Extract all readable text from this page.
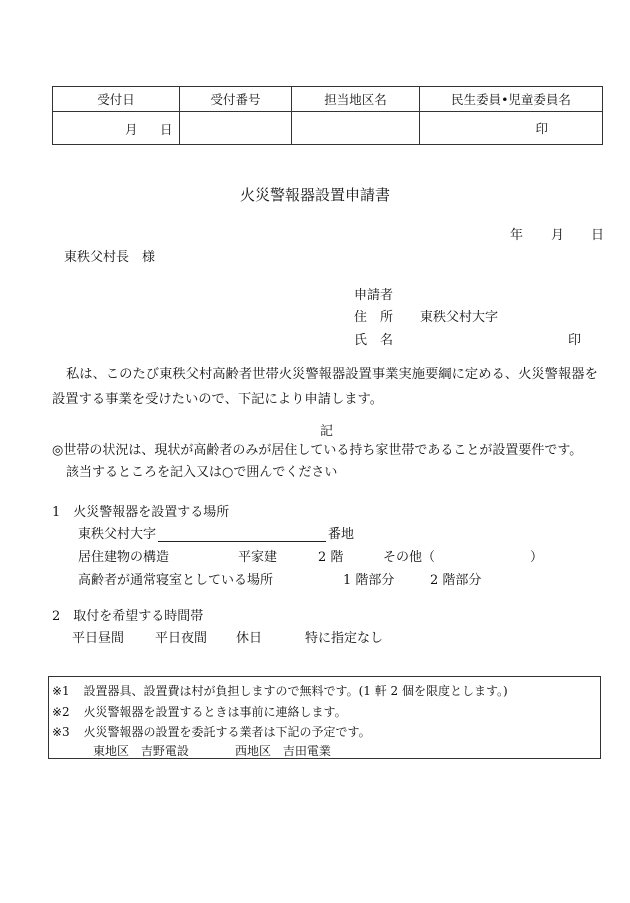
受付日	受付番号	担当地区名	民生委員•児童委員名

月 日			印
火災警報器設置申請書
年 月 日
東秩父村長　様
申請者
住　所 東秩父村大字
氏　名	印
私は、このたび東秩父村高齢者世帯火災警報器設置事業実施要綱に定める、火災警報器を設置する事業を受けたいので、下記により申請します。
記
◎世帯の状況は、現状が高齢者のみが居住している持ち家世帯であることが設置要件です。
該当するところを記入又は○で囲んでください
1　火災警報器を設置する場所
東秩父村大字	番地
居住建物の構造	平家建	2 階	その他（	）
高齢者が通常寝室としている場所	1 階部分	2 階部分
2　取付を希望する時間帯
平日昼間 平日夜間 休日	特に指定なし
※1 設置器具、設置費は村が負担しますので無料です。(1 軒 2 個を限度とします。)
※2 火災警報器を設置するときは事前に連絡します。
※3 火災警報器の設置を委託する業者は下記の予定です。
東地区 吉野電設	西地区 吉田電業
